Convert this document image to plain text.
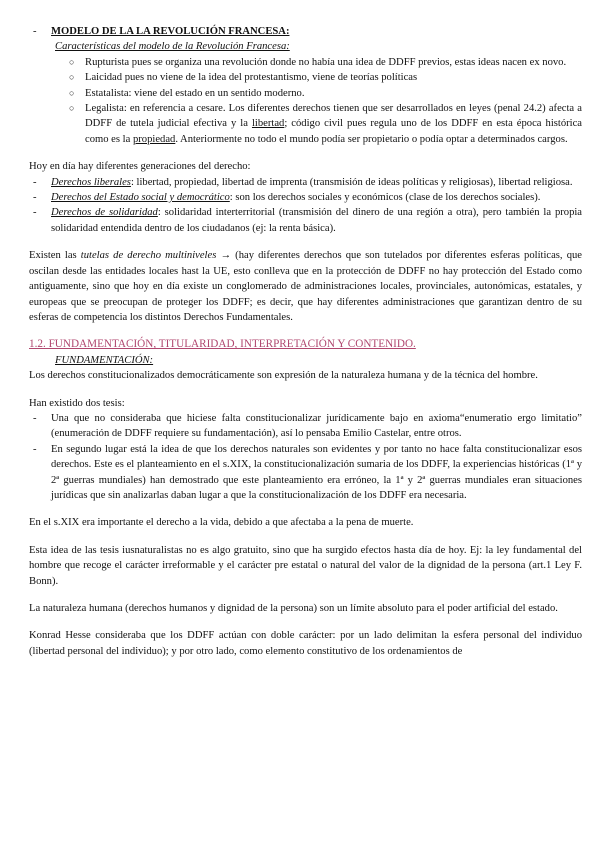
-	MODELO DE LA LA REVOLUCIÓN FRANCESA:

Características del modelo de la Revolución Francesa:

○ Rupturista pues se organiza una revolución donde no había una idea de DDFF previos, estas ideas nacen ex novo.
○ Laicidad pues no viene de la idea del protestantismo, viene de teorías políticas
○ Estatalista: viene del estado en un sentido moderno.
○ Legalista: en referencia a cesare. Los diferentes derechos tienen que ser desarrollados en leyes (penal 24.2) afecta a DDFF de tutela judicial efectiva y la libertad; código civil pues regula uno de los DDFF en esta época histórica como es la propiedad. Anteriormente no todo el mundo podía ser propietario o podía optar a determinados cargos.

Hoy en día hay diferentes generaciones del derecho:

-	Derechos liberales: libertad, propiedad, libertad de imprenta (transmisión de ideas políticas y religiosas), libertad religiosa.
-	Derechos del Estado social y democrático: son los derechos sociales y económicos (clase de los derechos sociales).
-	Derechos de solidaridad: solidaridad interterritorial (transmisión del dinero de una región a otra), pero también la propia solidaridad entendida dentro de los ciudadanos (ej: la renta básica).

Existen las tutelas de derecho multiniveles → (hay diferentes derechos que son tutelados por diferentes esferas políticas, que oscilan desde las entidades locales hast la UE, esto conlleva que en la protección de DDFF no hay protección del Estado como antiguamente, sino que hoy en día existe un conglomerado de administraciones locales, provinciales, autonómicas, estatales, y europeas que se preocupan de proteger los DDFF; es decir, que hay diferentes administraciones que garantizan dentro de su esferas de competencia los distintos Derechos Fundamentales.

1.2. FUNDAMENTACIÓN, TITULARIDAD, INTERPRETACIÓN Y CONTENIDO.

FUNDAMENTACIÓN:

Los derechos constitucionalizados democráticamente son expresión de la naturaleza humana y de la técnica del hombre.

Han existido dos tesis:

-	Una que no consideraba que hiciese falta constitucionalizar jurídicamente bajo en axioma“enumeratio ergo limitatio” (enumeración de DDFF requiere su fundamentación), así lo pensaba Emilio Castelar, entre otros.
-	En segundo lugar está la idea de que los derechos naturales son evidentes y por tanto no hace falta constitucionalizar esos derechos. Este es el planteamiento en el s.XIX, la constitucionalización sumaria de los DDFF, la experiencias históricas (1ª y 2ª guerras mundiales) han demostrado que este planteamiento era erróneo, la 1ª y 2ª guerras mundiales eran situaciones jurídicas que sin analizarlas daban lugar a que la constitucionalización de los DDFF era necesaria.

En el s.XIX era importante el derecho a la vida, debido a que afectaba a la pena de muerte.

Esta idea de las tesis iusnaturalistas no es algo gratuito, sino que ha surgido efectos hasta día de hoy. Ej: la ley fundamental del hombre que recoge el carácter irreformable y el carácter pre estatal o natural del valor de la dignidad de la persona (art.1 Ley F. Bonn).

La naturaleza humana (derechos humanos y dignidad de la persona) son un límite absoluto para el poder artificial del estado.

Konrad Hesse consideraba que los DDFF actúan con doble carácter: por un lado delimitan la esfera personal del individuo (libertad personal del individuo); y por otro lado, como elemento constitutivo de los ordenamientos de
